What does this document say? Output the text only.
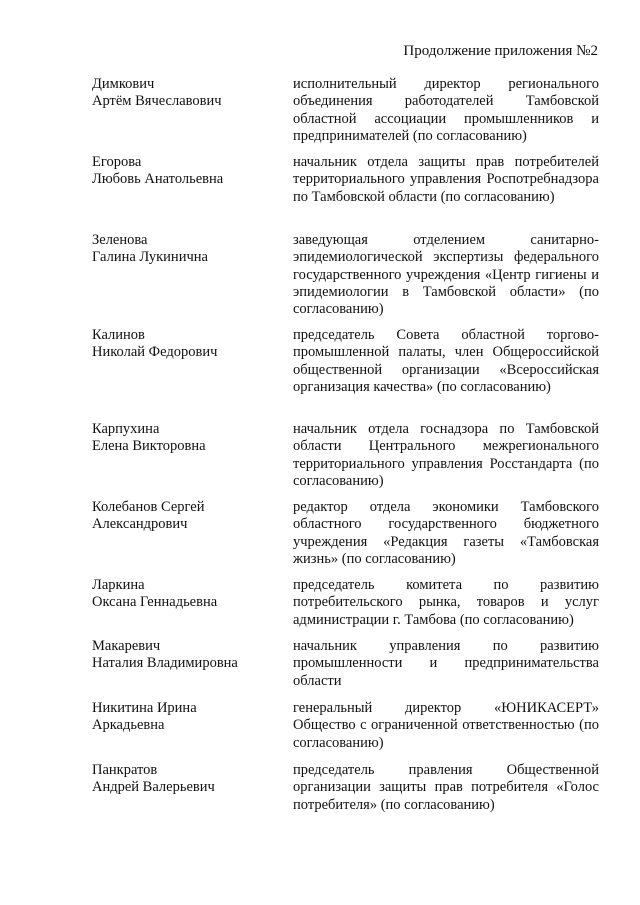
Продолжение приложения №2
Димкович
Артём Вячеславович
исполнительный директор регионального объединения работодателей Тамбовской областной ассоциации промышленников и предпринимателей (по согласованию)
Егорова
Любовь Анатольевна
начальник отдела защиты прав потребителей территориального управления Роспотребнадзора по Тамбовской области (по согласованию)
Зеленова
Галина Лукинична
заведующая отделением санитарно-эпидемиологической экспертизы федерального государственного учреждения «Центр гигиены и эпидемиологии в Тамбовской области» (по согласованию)
Калинов
Николай Федорович
председатель Совета областной торгово-промышленной палаты, член Общероссийской общественной организации «Всероссийская организация качества» (по согласованию)
Карпухина
Елена Викторовна
начальник отдела госнадзора по Тамбовской области Центрального межрегионального территориального управления Росстандарта (по согласованию)
Колебанов Сергей
Александрович
редактор отдела экономики Тамбовского областного государственного бюджетного учреждения «Редакция газеты «Тамбовская жизнь» (по согласованию)
Ларкина
Оксана Геннадьевна
председатель комитета по развитию потребительского рынка, товаров и услуг администрации г. Тамбова (по согласованию)
Макаревич
Наталия Владимировна
начальник управления по развитию промышленности и предпринимательства области
Никитина Ирина
Аркадьевна
генеральный директор «ЮНИКАСЕРТ» Общество с ограниченной ответственностью (по согласованию)
Панкратов
Андрей Валерьевич
председатель правления Общественной организации защиты прав потребителя «Голос потребителя» (по согласованию)
